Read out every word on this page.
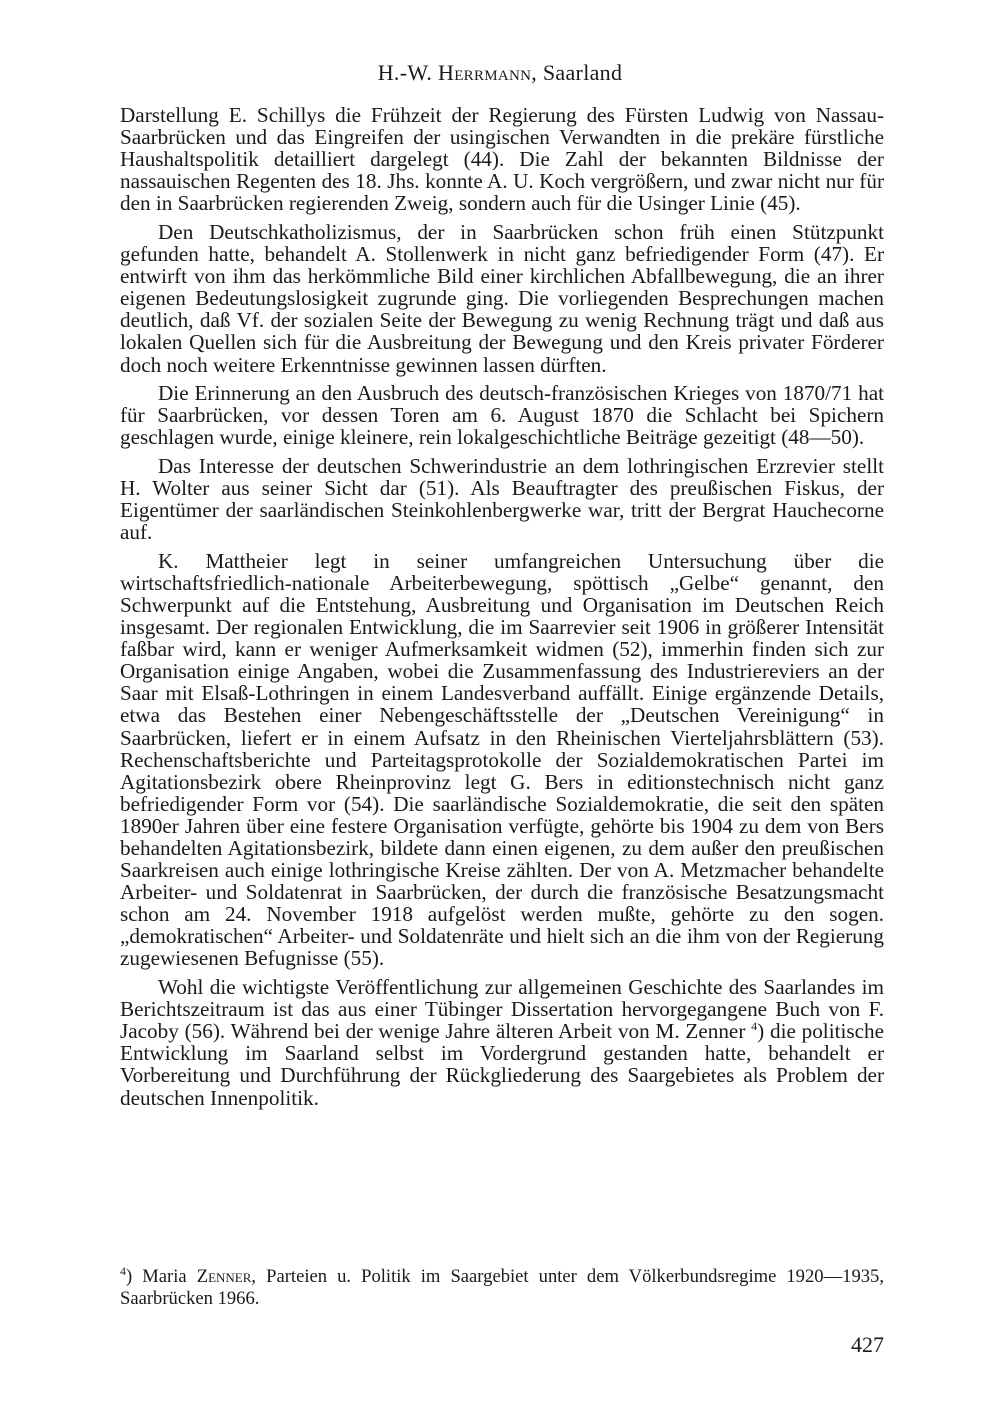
H.-W. Herrmann, Saarland

Darstellung E. Schillys die Frühzeit der Regierung des Fürsten Ludwig von Nassau-Saarbrücken und das Eingreifen der usingischen Verwandten in die prekäre fürstliche Haushaltspolitik detailliert dargelegt (44). Die Zahl der bekannten Bildnisse der nassauischen Regenten des 18. Jhs. konnte A. U. Koch vergrößern, und zwar nicht nur für den in Saarbrücken regierenden Zweig, sondern auch für die Usinger Linie (45).

Den Deutschkatholizismus, der in Saarbrücken schon früh einen Stützpunkt gefunden hatte, behandelt A. Stollenwerk in nicht ganz befriedigender Form (47). Er entwirft von ihm das herkömmliche Bild einer kirchlichen Abfallbewegung, die an ihrer eigenen Bedeutungslosigkeit zugrunde ging. Die vorliegenden Besprechungen machen deutlich, daß Vf. der sozialen Seite der Bewegung zu wenig Rechnung trägt und daß aus lokalen Quellen sich für die Ausbreitung der Bewegung und den Kreis privater Förderer doch noch weitere Erkenntnisse gewinnen lassen dürften.

Die Erinnerung an den Ausbruch des deutsch-französischen Krieges von 1870/71 hat für Saarbrücken, vor dessen Toren am 6. August 1870 die Schlacht bei Spichern geschlagen wurde, einige kleinere, rein lokalgeschichtliche Beiträge gezeitigt (48—50).

Das Interesse der deutschen Schwerindustrie an dem lothringischen Erzrevier stellt H. Wolter aus seiner Sicht dar (51). Als Beauftragter des preußischen Fiskus, der Eigentümer der saarländischen Steinkohlenbergwerke war, tritt der Bergrat Hauchecorne auf.

K. Mattheier legt in seiner umfangreichen Untersuchung über die wirtschaftsfriedlich-nationale Arbeiterbewegung, spöttisch „Gelbe“ genannt, den Schwerpunkt auf die Entstehung, Ausbreitung und Organisation im Deutschen Reich insgesamt. Der regionalen Entwicklung, die im Saarrevier seit 1906 in größerer Intensität faßbar wird, kann er weniger Aufmerksamkeit widmen (52), immerhin finden sich zur Organisation einige Angaben, wobei die Zusammenfassung des Industriereviers an der Saar mit Elsaß-Lothringen in einem Landesverband auffällt. Einige ergänzende Details, etwa das Bestehen einer Nebengeschäftsstelle der „Deutschen Vereinigung“ in Saarbrücken, liefert er in einem Aufsatz in den Rheinischen Vierteljahrsblättern (53). Rechenschaftsberichte und Parteitagsprotokolle der Sozialdemokratischen Partei im Agitationsbezirk obere Rheinprovinz legt G. Bers in editionstechnisch nicht ganz befriedigender Form vor (54). Die saarländische Sozialdemokratie, die seit den späten 1890er Jahren über eine festere Organisation verfügte, gehörte bis 1904 zu dem von Bers behandelten Agitationsbezirk, bildete dann einen eigenen, zu dem außer den preußischen Saarkreisen auch einige lothringische Kreise zählten. Der von A. Metzmacher behandelte Arbeiter- und Soldatenrat in Saarbrücken, der durch die französische Besatzungsmacht schon am 24. November 1918 aufgelöst werden mußte, gehörte zu den sogen. „demokratischen“ Arbeiter- und Soldatenräte und hielt sich an die ihm von der Regierung zugewiesenen Befugnisse (55).

Wohl die wichtigste Veröffentlichung zur allgemeinen Geschichte des Saarlandes im Berichtszeitraum ist das aus einer Tübinger Dissertation hervorgegangene Buch von F. Jacoby (56). Während bei der wenige Jahre älteren Arbeit von M. Zenner $^4$) die politische Entwicklung im Saarland selbst im Vordergrund gestanden hatte, behandelt er Vorbereitung und Durchführung der Rückgliederung des Saargebietes als Problem der deutschen Innenpolitik.

$^4$) Maria Zenner, Parteien u. Politik im Saargebiet unter dem Völkerbundsregime 1920—1935, Saarbrücken 1966.
427
